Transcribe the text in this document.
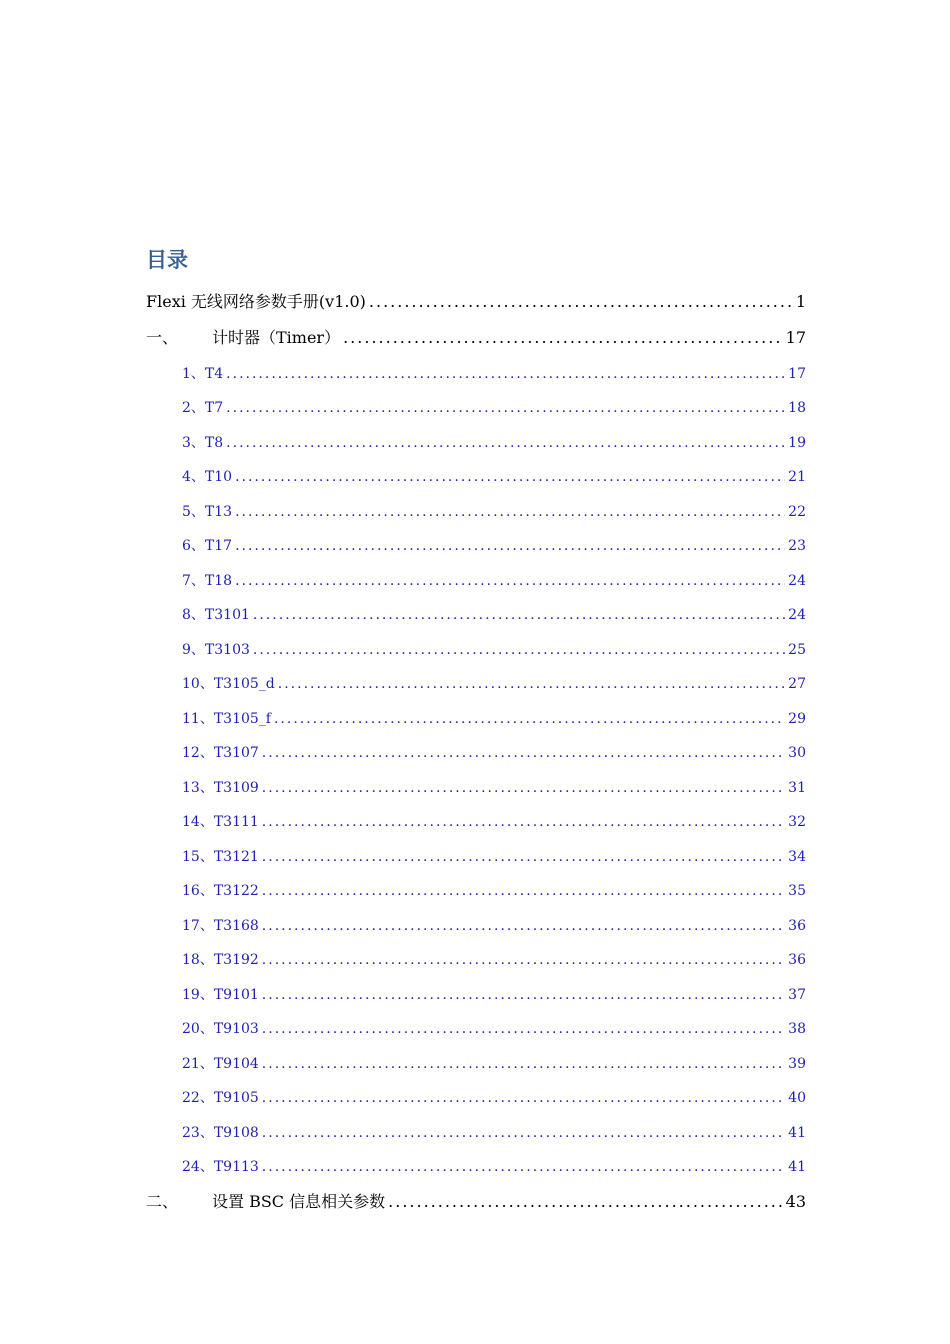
目录
Flexi 无线网络参数手册(v1.0) .....	1
一、	计时器（Timer） .....	17
1、 T4 .....	17
2、 T7 .....	18
3、 T8 .....	19
4、 T10 .....	21
5、 T13 .....	22
6、 T17 .....	23
7、 T18 .....	24
8、 T3101 .....	24
9、 T3103 .....	25
10、 T3105_d .....	27
11、 T3105_f .....	29
12、 T3107 .....	30
13、 T3109 .....	31
14、 T3111 .....	32
15、 T3121 .....	34
16、 T3122 .....	35
17、 T3168 .....	36
18、 T3192 .....	36
19、 T9101 .....	37
20、 T9103 .....	38
21、 T9104 .....	39
22、 T9105 .....	40
23、 T9108 .....	41
24、 T9113 .....	41
二、	设置 BSC 信息相关参数 .....	43
